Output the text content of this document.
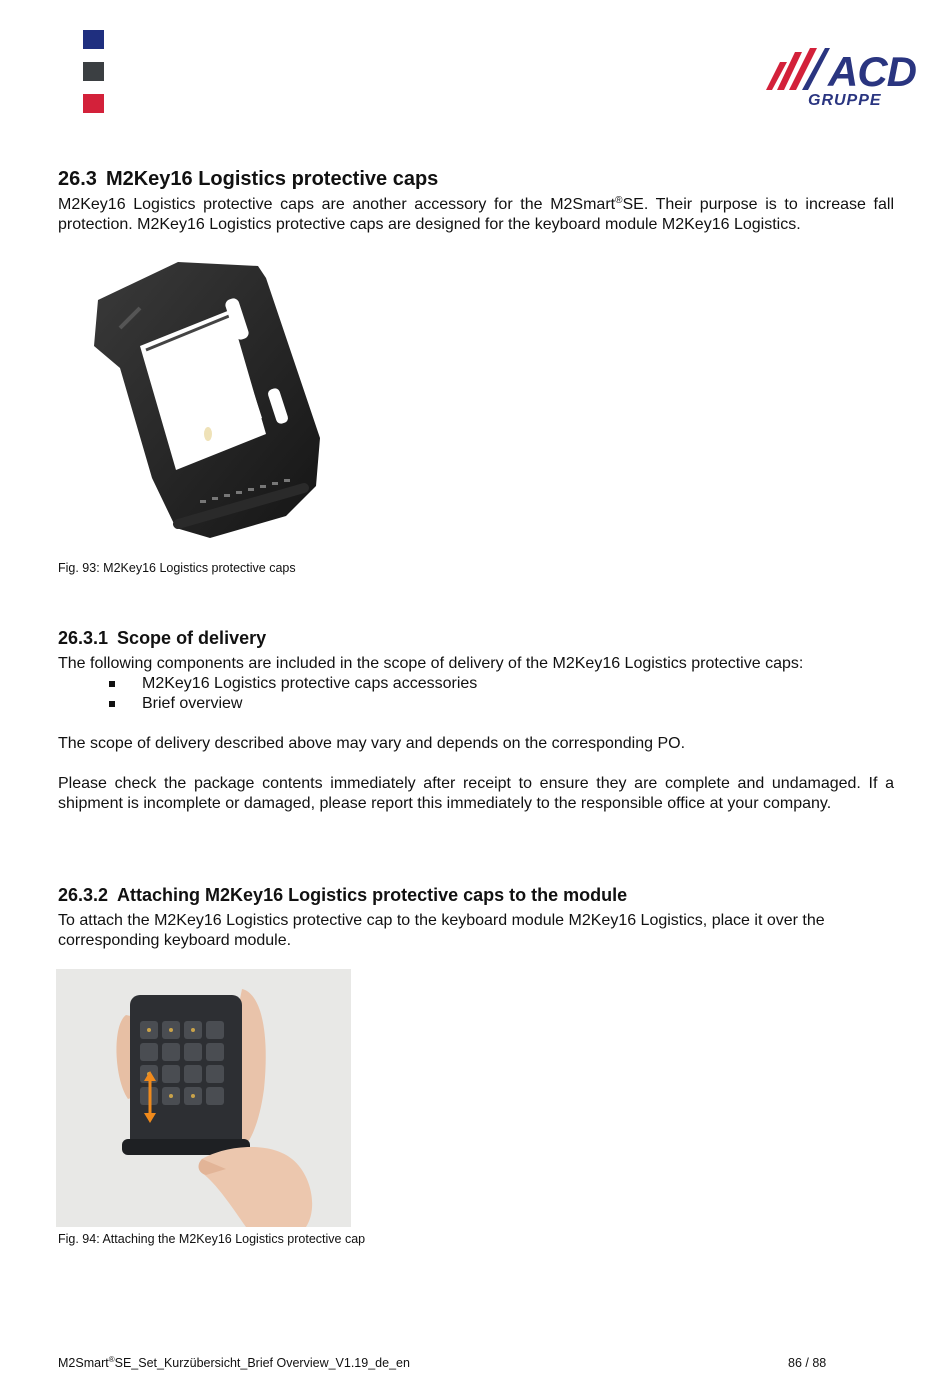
ACD
GRUPPE
26.3 M2Key16 Logistics protective caps
M2Key16 Logistics protective caps are another accessory for the M2Smart®SE. Their purpose is to increase fall protection. M2Key16 Logistics protective caps are designed for the keyboard module M2Key16 Logistics.
Fig. 93: M2Key16 Logistics protective caps
26.3.1 Scope of delivery
The following components are included in the scope of delivery of the M2Key16 Logistics protective caps:
M2Key16 Logistics protective caps accessories
Brief overview
The scope of delivery described above may vary and depends on the corresponding PO.
Please check the package contents immediately after receipt to ensure they are complete and undamaged. If a shipment is incomplete or damaged, please report this immediately to the responsible office at your company.
26.3.2 Attaching M2Key16 Logistics protective caps to the module
To attach the M2Key16 Logistics protective cap to the keyboard module M2Key16 Logistics, place it over the corresponding keyboard module.
Fig. 94: Attaching the M2Key16 Logistics protective cap
M2Smart®SE_Set_Kurzübersicht_Brief Overview_V1.19_de_en	86 / 88
